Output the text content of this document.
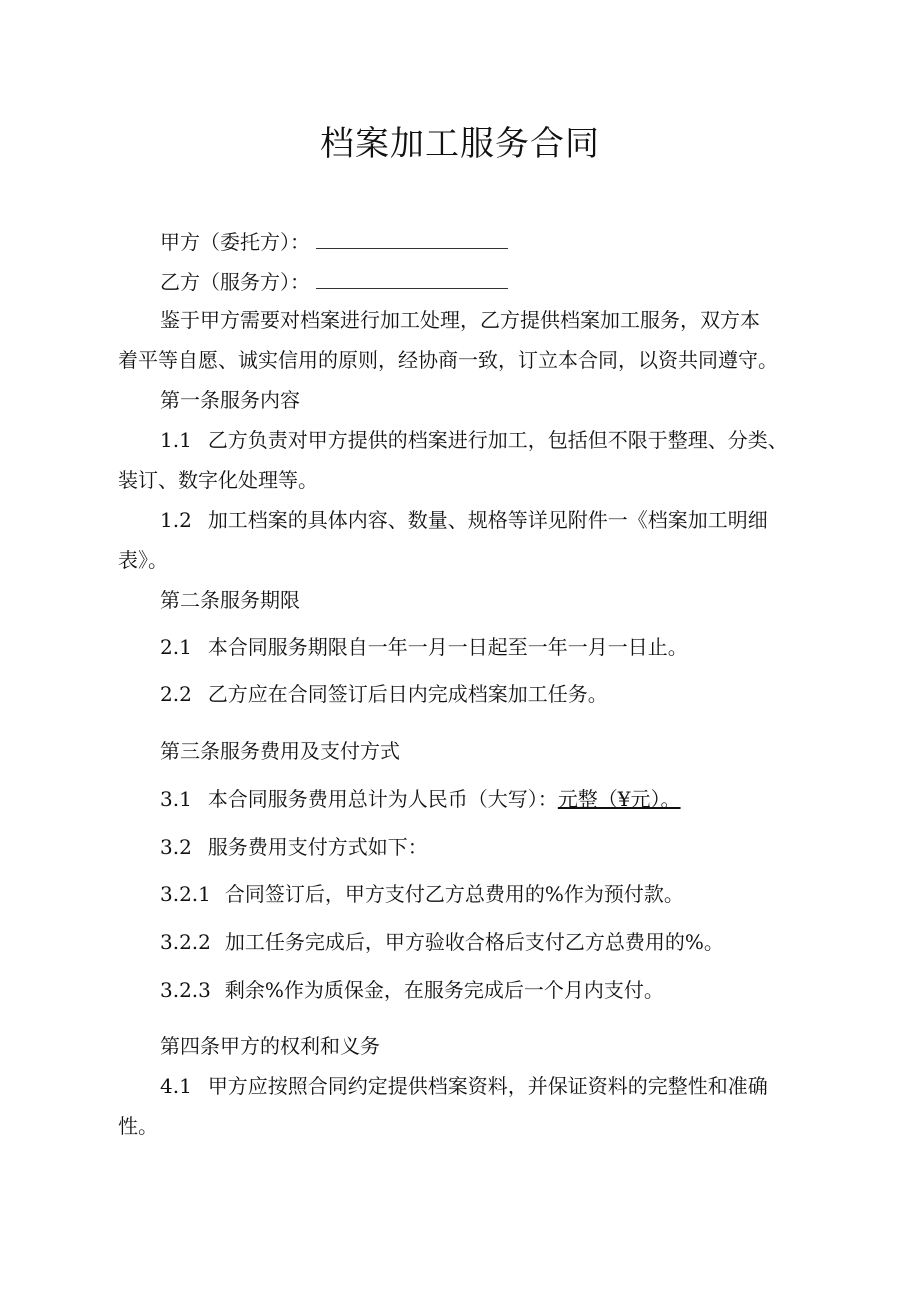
档案加工服务合同
甲方（委托方）：
乙方（服务方）：
鉴于甲方需要对档案进行加工处理，乙方提供档案加工服务，双方本
着平等自愿、诚实信用的原则，经协商一致，订立本合同，以资共同遵守。
第一条服务内容
1.1 乙方负责对甲方提供的档案进行加工，包括但不限于整理、分类、
装订、数字化处理等。
1.2 加工档案的具体内容、数量、规格等详见附件一《档案加工明细
表》。
第二条服务期限
2.1 本合同服务期限自一年一月一日起至一年一月一日止。
2.2 乙方应在合同签订后日内完成档案加工任务。
第三条服务费用及支付方式
3.1 本合同服务费用总计为人民币（大写）：元整（¥元）。
3.2 服务费用支付方式如下：
3.2.1 合同签订后，甲方支付乙方总费用的%作为预付款。
3.2.2 加工任务完成后，甲方验收合格后支付乙方总费用的%。
3.2.3 剩余%作为质保金，在服务完成后一个月内支付。
第四条甲方的权利和义务
4.1 甲方应按照合同约定提供档案资料，并保证资料的完整性和准确
性。
